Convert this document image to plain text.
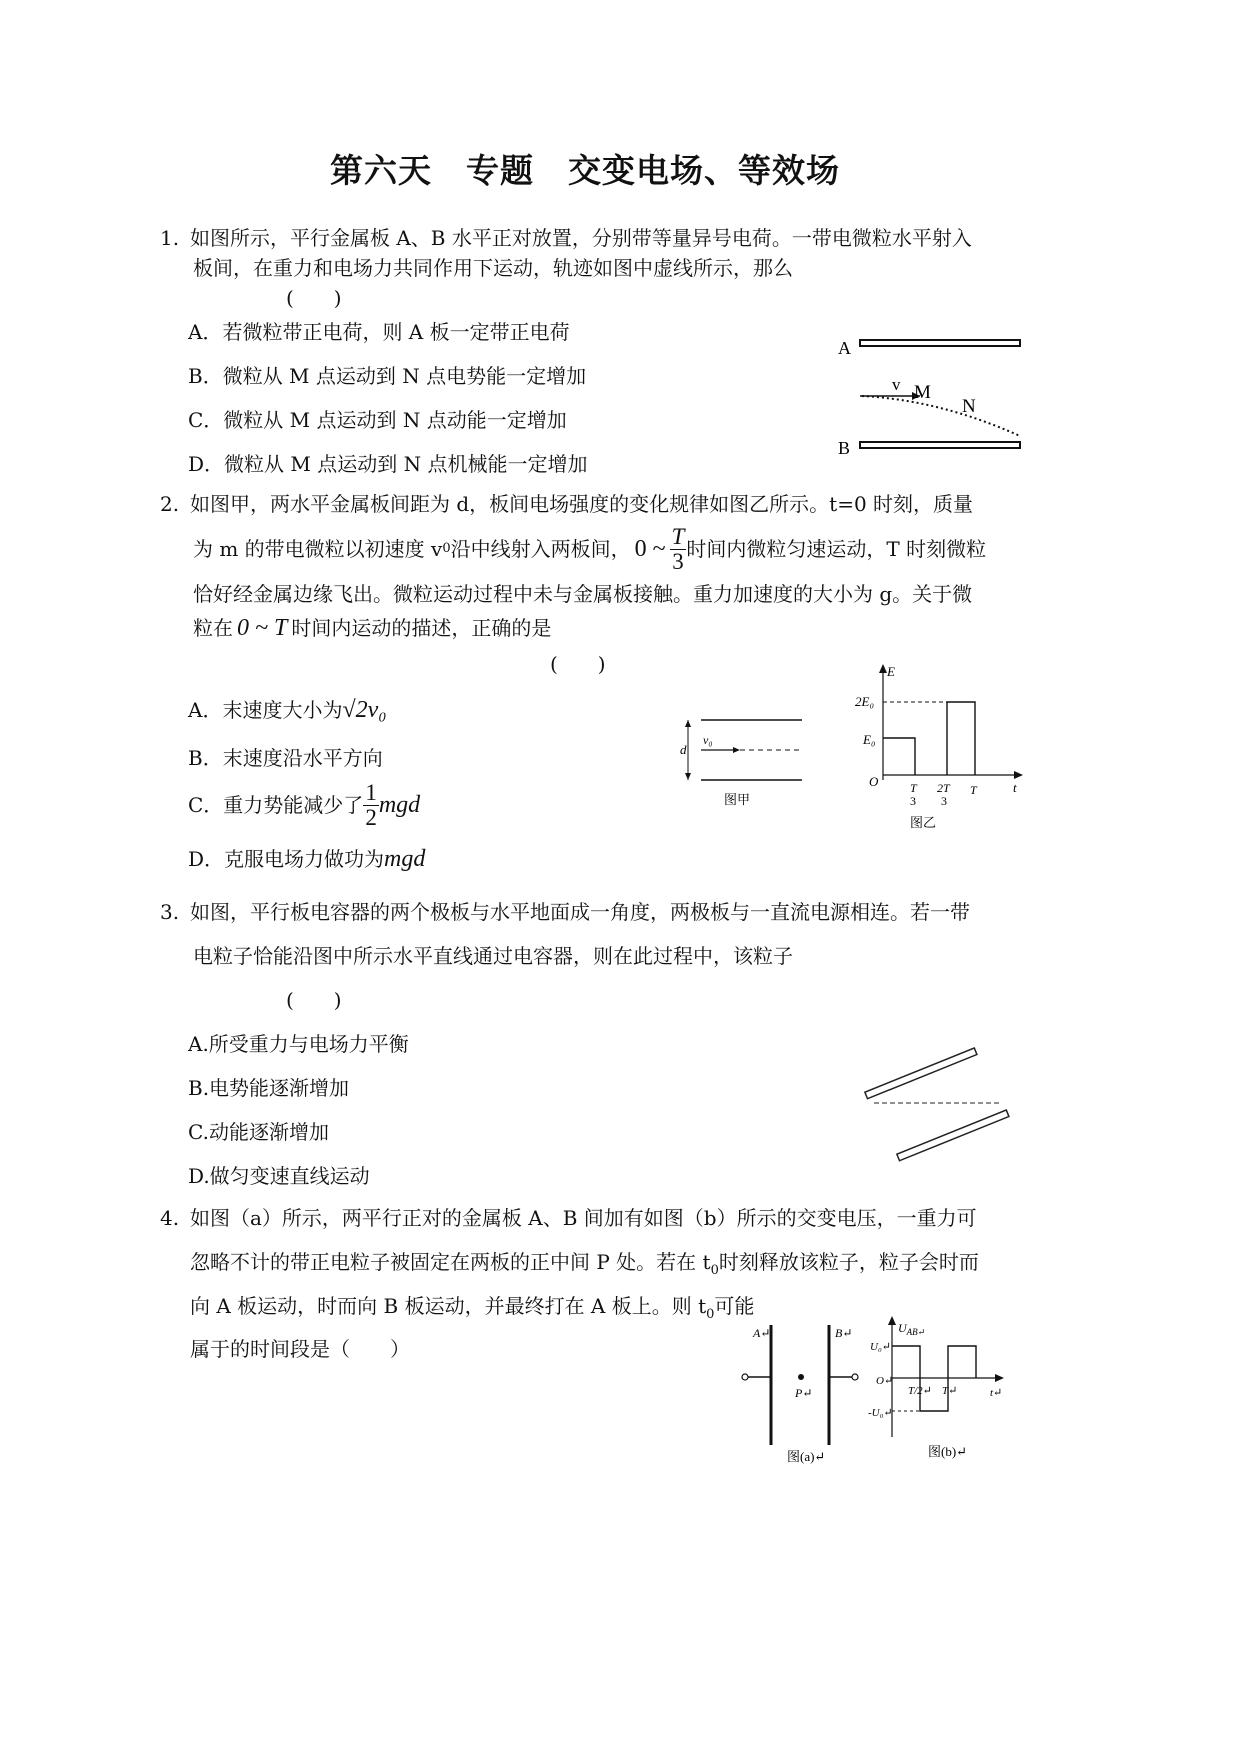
第六天　专题　交变电场、等效场
1. 如图所示，平行金属板 A、B 水平正对放置，分别带等量异号电荷。一带电微粒水平射入
板间，在重力和电场力共同作用下运动，轨迹如图中虚线所示，那么
(　　)
A．若微粒带正电荷，则 A 板一定带正电荷
B．微粒从 M 点运动到 N 点电势能一定增加
C．微粒从 M 点运动到 N 点动能一定增加
D．微粒从 M 点运动到 N 点机械能一定增加
A
B
v M
N
2. 如图甲，两水平金属板间距为 d，板间电场强度的变化规律如图乙所示。t=0 时刻，质量
为 m 的带电微粒以初速度 v 0 沿中线射入两板间， 0 ~ $\frac{T}{3}$ 时间内微粒匀速运动，T 时刻微粒
恰好经金属边缘飞出。微粒运动过程中未与金属板接触。重力加速度的大小为 g。关于微
粒在 0 ~ T 时间内运动的描述，正确的是
(　　)
A．末速度大小为 √2v₀
B．末速度沿水平方向
C．重力势能减少了 $\frac{1}{2}$ mgd
D．克服电场力做功为 mgd
d
v₀
图甲
E
t
O
2E₀
E₀
T
3
2T
3
T
图乙
3. 如图，平行板电容器的两个极板与水平地面成一角度，两极板与一直流电源相连。若一带
电粒子恰能沿图中所示水平直线通过电容器，则在此过程中，该粒子
(　　)
A.所受重力与电场力平衡
B.电势能逐渐增加
C.动能逐渐增加
D.做匀变速直线运动
4. 如图（a）所示，两平行正对的金属板 A、B 间加有如图（b）所示的交变电压，一重力可
忽略不计的带正电粒子被固定在两板的正中间 P 处。若在 $t_0$时刻释放该粒子，粒子会时而
向 A 板运动，时而向 B 板运动，并最终打在 A 板上。则 $t_0$可能
属于的时间段是（　　）
A↵	B↵
P↵
图(a)↵
$U_{AB↵}$
U₀↵
O↵
-U₀↵
T/2↵ T↵	t↵
图(b)↵
